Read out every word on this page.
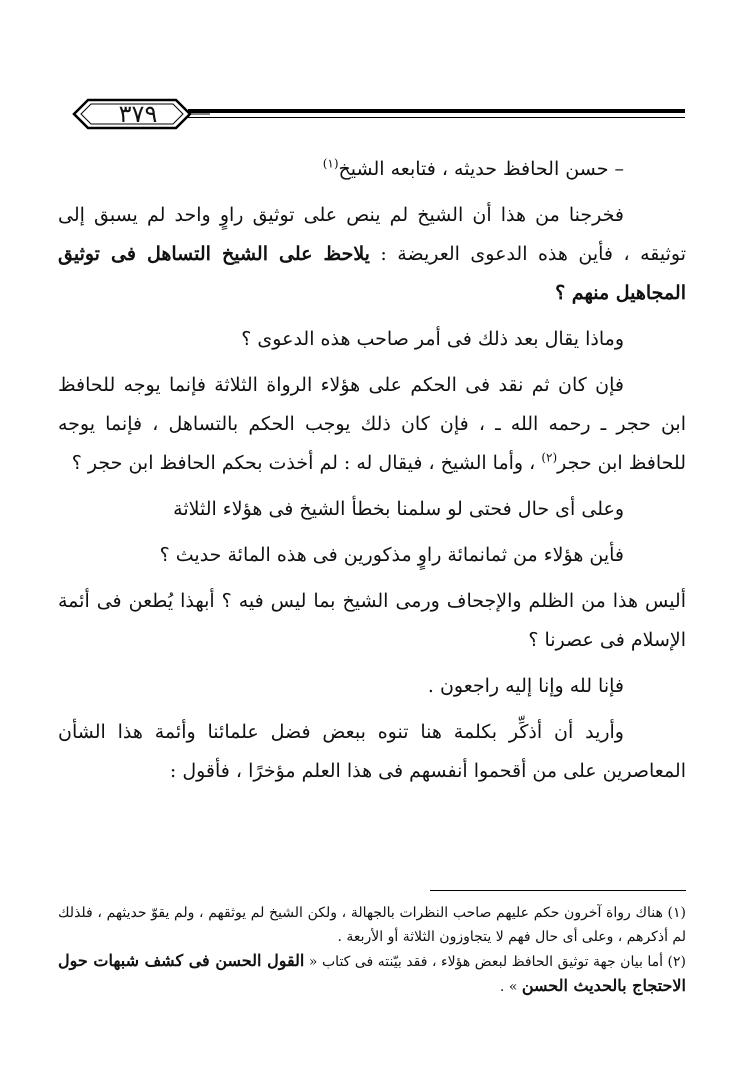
٣٧٩

– حسن الحافظ حديثه ، فتابعه الشيخ$^{(١)}$

فخرجنا من هذا أن الشيخ لم ينص على توثيق راوٍ واحد لم يسبق إلى توثيقه ، فأين هذه الدعوى العريضة : يلاحظ على الشيخ التساهل فى توثيق المجاهيل منهم ؟

وماذا يقال بعد ذلك فى أمر صاحب هذه الدعوى ؟

فإن كان ثم نقد فى الحكم على هؤلاء الرواة الثلاثة فإنما يوجه للحافظ ابن حجر ـ رحمه الله ـ ، فإن كان ذلك يوجب الحكم بالتساهل ، فإنما يوجه للحافظ ابن حجر$^{(٢)}$ ، وأما الشيخ ، فيقال له : لم أخذت بحكم الحافظ ابن حجر ؟

وعلى أى حال فحتى لو سلمنا بخطأ الشيخ فى هؤلاء الثلاثة

فأين هؤلاء من ثمانمائة راوٍ مذكورين فى هذه المائة حديث ؟

أليس هذا من الظلم والإجحاف ورمى الشيخ بما ليس فيه ؟ أبهذا يُطعن فى أئمة الإسلام فى عصرنا ؟

فإنا لله وإنا إليه راجعون .

وأريد أن أذكِّر بكلمة هنا تنوه ببعض فضل علمائنا وأئمة هذا الشأن المعاصرين على من أقحموا أنفسهم فى هذا العلم مؤخرًا ، فأقول :

(١) هناك رواة آخرون حكم عليهم صاحب النظرات بالجهالة ، ولكن الشيخ لم يوثقهم ، ولم يقوّ حديثهم ، فلذلك لم أذكرهم ، وعلى أى حال فهم لا يتجاوزون الثلاثة أو الأربعة .

(٢) أما بيان جهة توثيق الحافظ لبعض هؤلاء ، فقد بيّنته فى كتاب « القول الحسن فى كشف شبهات حول الاحتجاج بالحديث الحسن » .
